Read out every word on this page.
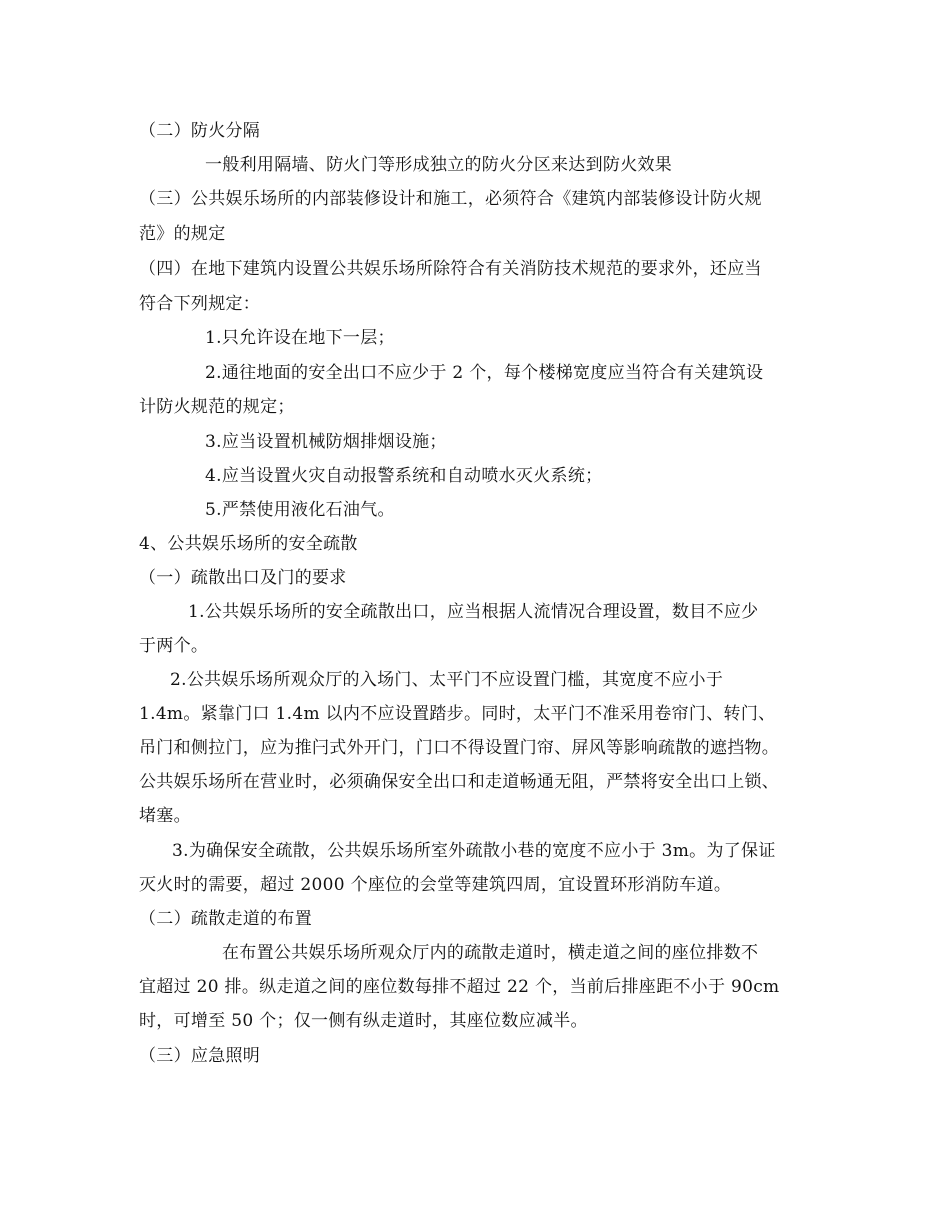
（二）防火分隔
一般利用隔墙、防火门等形成独立的防火分区来达到防火效果
（三）公共娱乐场所的内部装修设计和施工，必须符合《建筑内部装修设计防火规
范》的规定
（四）在地下建筑内设置公共娱乐场所除符合有关消防技术规范的要求外，还应当
符合下列规定：
1.只允许设在地下一层；
2.通往地面的安全出口不应少于 2 个，每个楼梯宽度应当符合有关建筑设
计防火规范的规定；
3.应当设置机械防烟排烟设施；
4.应当设置火灾自动报警系统和自动喷水灭火系统；
5.严禁使用液化石油气。
4、公共娱乐场所的安全疏散
（一）疏散出口及门的要求
1.公共娱乐场所的安全疏散出口，应当根据人流情况合理设置，数目不应少
于两个。
2.公共娱乐场所观众厅的入场门、太平门不应设置门槛，其宽度不应小于
1.4m。紧靠门口 1.4m 以内不应设置踏步。同时，太平门不准采用卷帘门、转门、
吊门和侧拉门，应为推闩式外开门，门口不得设置门帘、屏风等影响疏散的遮挡物。
公共娱乐场所在营业时，必须确保安全出口和走道畅通无阻，严禁将安全出口上锁、
堵塞。
3.为确保安全疏散，公共娱乐场所室外疏散小巷的宽度不应小于 3m。为了保证
灭火时的需要，超过 2000 个座位的会堂等建筑四周，宜设置环形消防车道。
（二）疏散走道的布置
在布置公共娱乐场所观众厅内的疏散走道时，横走道之间的座位排数不
宜超过 20 排。纵走道之间的座位数每排不超过 22 个，当前后排座距不小于 90cm
时，可增至 50 个；仅一侧有纵走道时，其座位数应减半。
（三）应急照明
